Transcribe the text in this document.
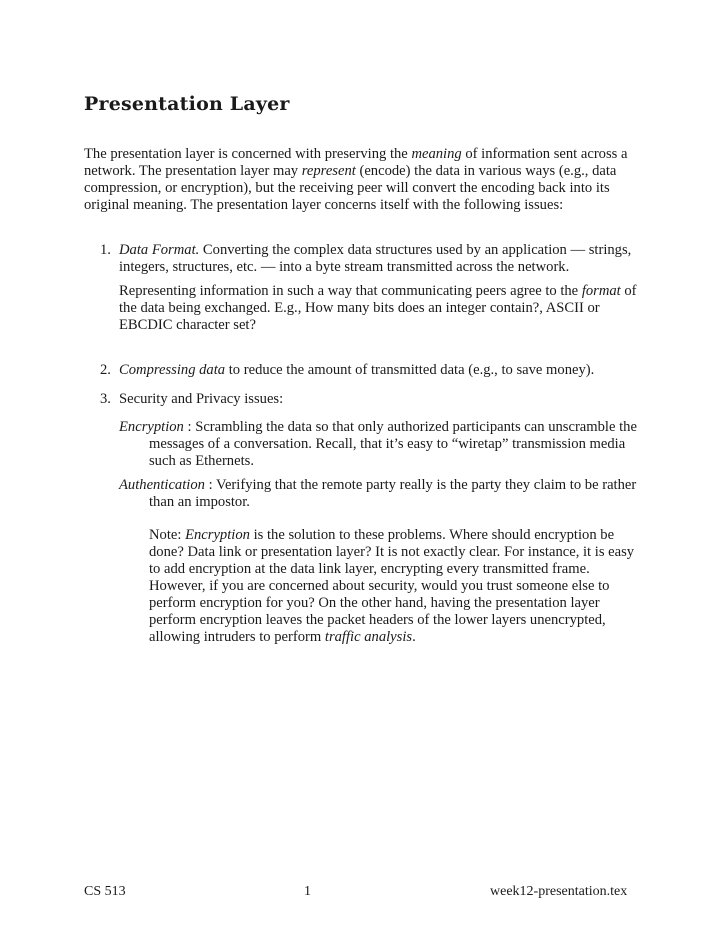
Presentation Layer

The presentation layer is concerned with preserving the meaning of information sent across a network. The presentation layer may represent (encode) the data in various ways (e.g., data compression, or encryption), but the receiving peer will convert the encoding back into its original meaning. The presentation layer concerns itself with the following issues:

1. Data Format. Converting the complex data structures used by an application — strings, integers, structures, etc. — into a byte stream transmitted across the network.

Representing information in such a way that communicating peers agree to the format of the data being exchanged. E.g., How many bits does an integer contain?, ASCII or EBCDIC character set?

2. Compressing data to reduce the amount of transmitted data (e.g., to save money).

3. Security and Privacy issues:

Encryption : Scrambling the data so that only authorized participants can unscramble the messages of a conversation. Recall, that it’s easy to “wiretap” transmission media such as Ethernets.

Authentication : Verifying that the remote party really is the party they claim to be rather than an impostor.

Note: Encryption is the solution to these problems. Where should encryption be done? Data link or presentation layer? It is not exactly clear. For instance, it is easy to add encryption at the data link layer, encrypting every transmitted frame. However, if you are concerned about security, would you trust someone else to perform encryption for you? On the other hand, having the presentation layer perform encryption leaves the packet headers of the lower layers unencrypted, allowing intruders to perform traffic analysis.

CS 513	1	week12-presentation.tex
